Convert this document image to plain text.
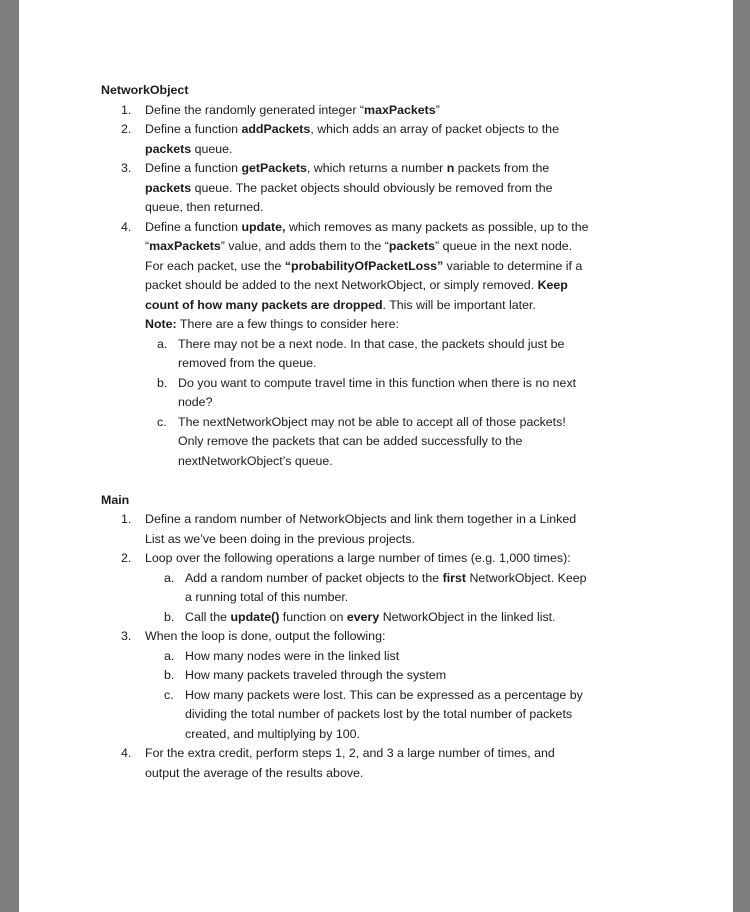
NetworkObject
1. Define the randomly generated integer “maxPackets”
2. Define a function addPackets, which adds an array of packet objects to the
packets queue.
3. Define a function getPackets, which returns a number n packets from the
packets queue. The packet objects should obviously be removed from the
queue, then returned.
4. Define a function update, which removes as many packets as possible, up to the
“maxPackets” value, and adds them to the “packets” queue in the next node.
For each packet, use the “probabilityOfPacketLoss” variable to determine if a
packet should be added to the next NetworkObject, or simply removed. Keep
count of how many packets are dropped. This will be important later.
Note: There are a few things to consider here:
a. There may not be a next node. In that case, the packets should just be
removed from the queue.
b. Do you want to compute travel time in this function when there is no next
node?
c. The nextNetworkObject may not be able to accept all of those packets!
Only remove the packets that can be added successfully to the
nextNetworkObject’s queue.
Main
1. Define a random number of NetworkObjects and link them together in a Linked
List as we’ve been doing in the previous projects.
2. Loop over the following operations a large number of times (e.g. 1,000 times):
a. Add a random number of packet objects to the first NetworkObject. Keep
a running total of this number.
b. Call the update() function on every NetworkObject in the linked list.
3. When the loop is done, output the following:
a. How many nodes were in the linked list
b. How many packets traveled through the system
c. How many packets were lost. This can be expressed as a percentage by
dividing the total number of packets lost by the total number of packets
created, and multiplying by 100.
4. For the extra credit, perform steps 1, 2, and 3 a large number of times, and
output the average of the results above.
